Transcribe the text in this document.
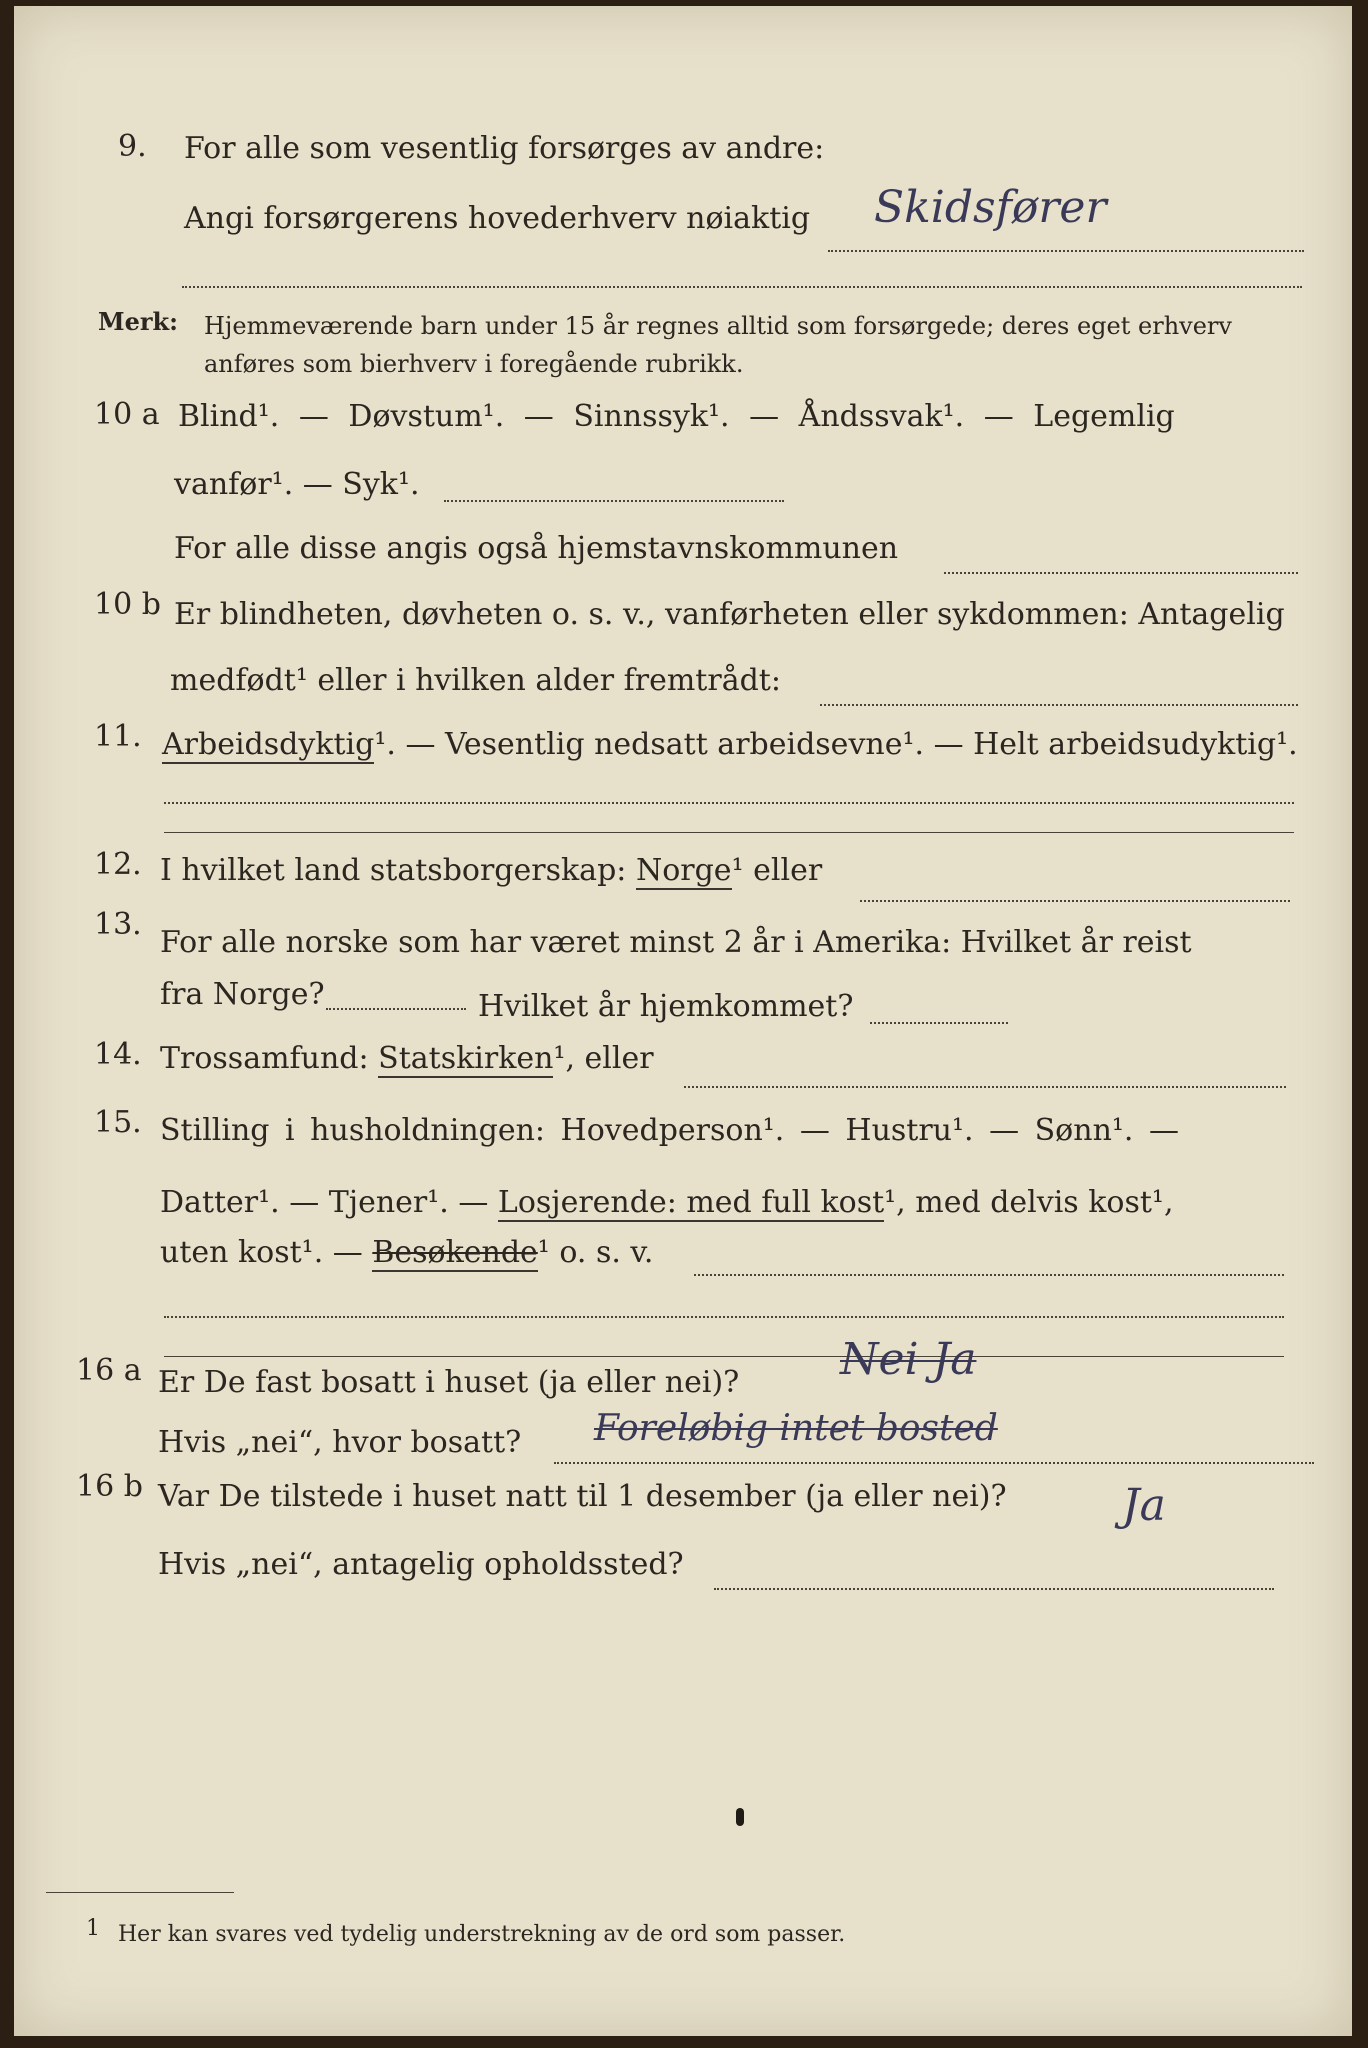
9. For alle som vesentlig forsørges av andre:
Angi forsørgerens hovederhverv nøiaktig Skidsfører
Merk: Hjemmeværende barn under 15 år regnes alltid som forsørgede; deres eget erhverv
anføres som bierhverv i foregående rubrikk.
10 a Blind¹. — Døvstum¹. — Sinnssyk¹. — Åndssvak¹. — Legemlig
vanfør¹. — Syk¹.
For alle disse angis også hjemstavnskommunen
10 b Er blindheten, døvheten o. s. v., vanførheten eller sykdommen: Antagelig
medfødt¹ eller i hvilken alder fremtrådt:
11. Arbeidsdyktig¹. — Vesentlig nedsatt arbeidsevne¹. — Helt arbeidsudyktig¹.
12. I hvilket land statsborgerskap: Norge¹ eller
13.
For alle norske som har været minst 2 år i Amerika: Hvilket år reist
fra Norge?	Hvilket år hjemkommet?
14. Trossamfund: Statskirken¹, eller
15. Stilling i husholdningen: Hovedperson¹. — Hustru¹. — Sønn¹. —
Datter¹. — Tjener¹. — Losjerende: med full kost¹, med delvis kost¹,
uten kost¹. — Besøkende¹ o. s. v.
16 a Er De fast bosatt i huset (ja eller nei)? Nei Ja
Hvis „nei“, hvor bosatt? Foreløbig intet bosted
16 b Var De tilstede i huset natt til 1 desember (ja eller nei)?	Ja
Hvis „nei“, antagelig opholdssted?
1 Her kan svares ved tydelig understrekning av de ord som passer.
